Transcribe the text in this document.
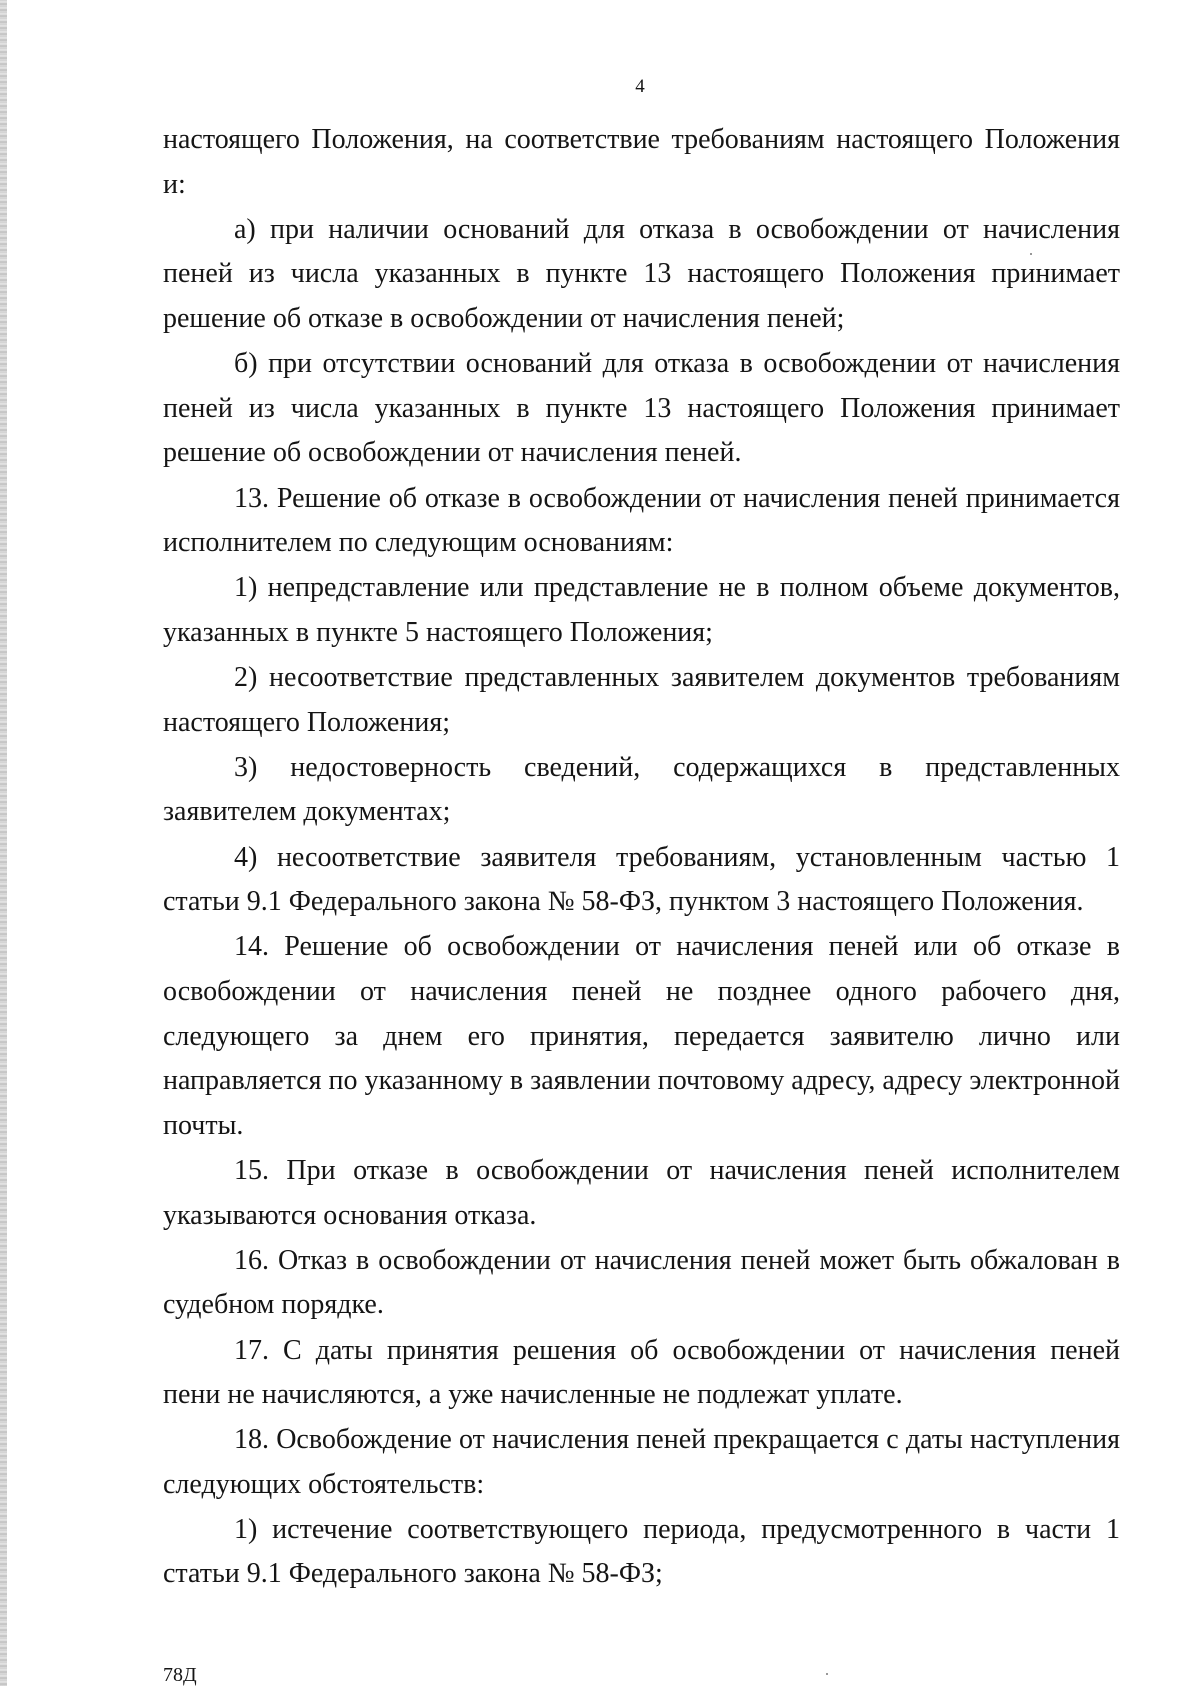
4

настоящего Положения, на соответствие требованиям настоящего Положения и:

а) при наличии оснований для отказа в освобождении от начисления пеней из числа указанных в пункте 13 настоящего Положения принимает решение об отказе в освобождении от начисления пеней;

б) при отсутствии оснований для отказа в освобождении от начисления пеней из числа указанных в пункте 13 настоящего Положения принимает решение об освобождении от начисления пеней.

13. Решение об отказе в освобождении от начисления пеней принимается исполнителем по следующим основаниям:

1) непредставление или представление не в полном объеме документов, указанных в пункте 5 настоящего Положения;

2) несоответствие представленных заявителем документов требованиям настоящего Положения;

3) недостоверность сведений, содержащихся в представленных заявителем документах;

4) несоответствие заявителя требованиям, установленным частью 1 статьи 9.1 Федерального закона № 58-ФЗ, пунктом 3 настоящего Положения.

14. Решение об освобождении от начисления пеней или об отказе в освобождении от начисления пеней не позднее одного рабочего дня, следующего за днем его принятия, передается заявителю лично или направляется по указанному в заявлении почтовому адресу, адресу электронной почты.

15. При отказе в освобождении от начисления пеней исполнителем указываются основания отказа.

16. Отказ в освобождении от начисления пеней может быть обжалован в судебном порядке.

17. С даты принятия решения об освобождении от начисления пеней пени не начисляются, а уже начисленные не подлежат уплате.

18. Освобождение от начисления пеней прекращается с даты наступления следующих обстоятельств:

1) истечение соответствующего периода, предусмотренного в части 1 статьи 9.1 Федерального закона № 58-ФЗ;

78Д
